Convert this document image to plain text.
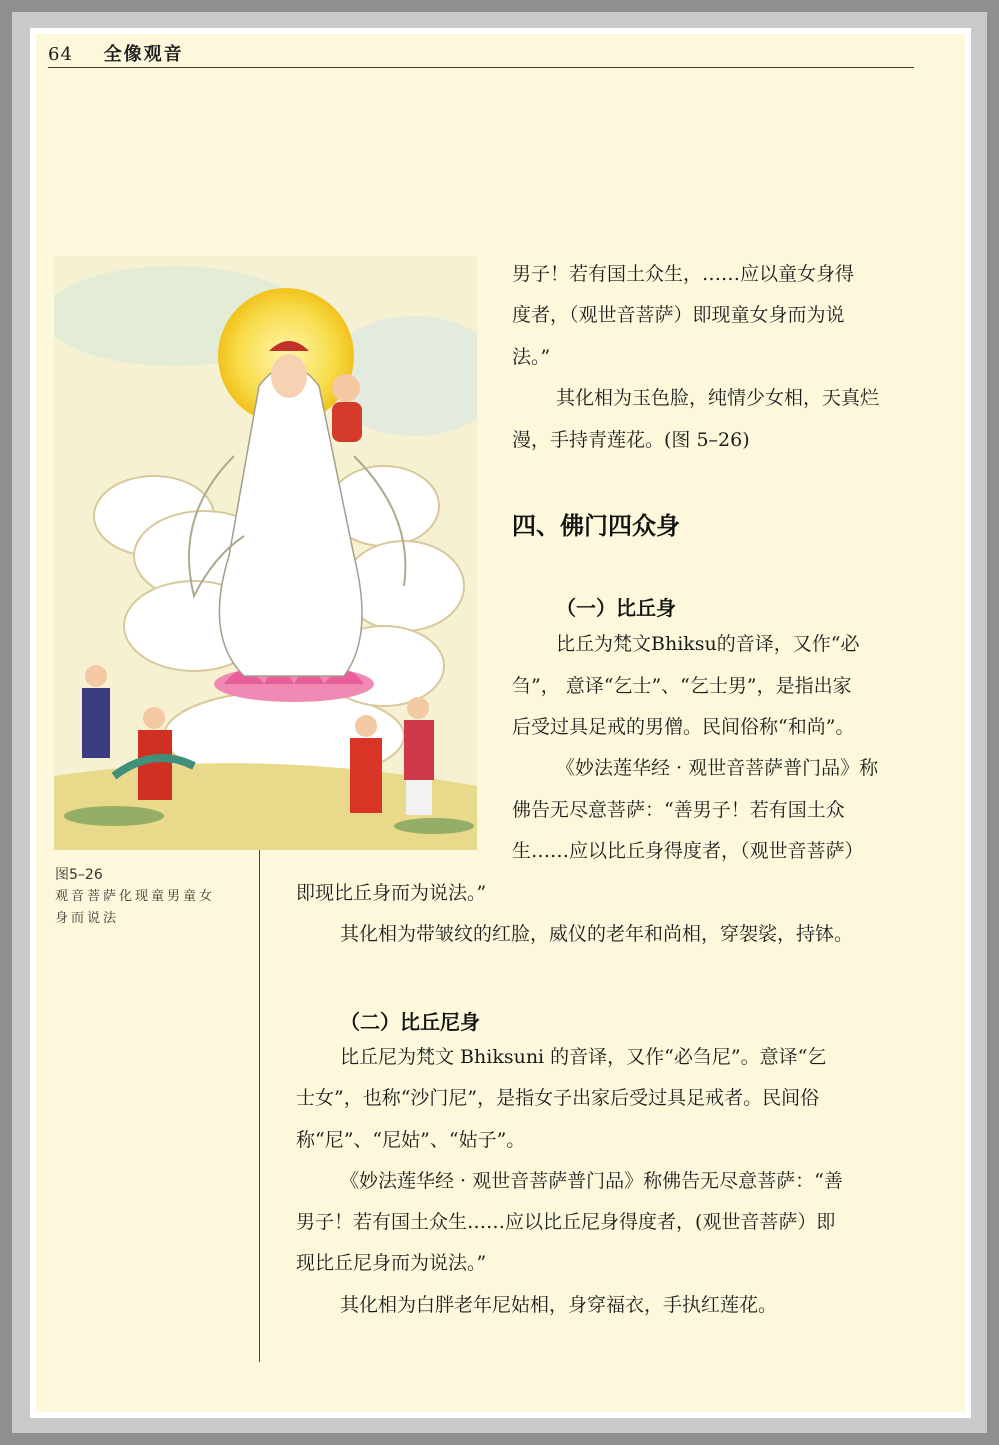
64 全像观音
图5–26
观音菩萨化现童男童女
身而说法
男子！若有国土众生，……应以童女身得
度者，（观世音菩萨）即现童女身而为说
法。”
其化相为玉色脸，纯情少女相，天真烂
漫，手持青莲花。(图 5–26)
四、佛门四众身
（一）比丘身
比丘为梵文Bhiksu的音译，又作“必
刍”， 意译“乞士”、“乞士男”，是指出家
后受过具足戒的男僧。民间俗称“和尚”。
《妙法莲华经 · 观世音菩萨普门品》称
佛告无尽意菩萨：“善男子！若有国土众
生……应以比丘身得度者，（观世音菩萨）
即现比丘身而为说法。”
其化相为带皱纹的红脸，威仪的老年和尚相，穿袈裟，持钵。
（二）比丘尼身
比丘尼为梵文 Bhiksuni 的音译，又作“必刍尼”。意译“乞
士女”，也称“沙门尼”，是指女子出家后受过具足戒者。民间俗
称“尼”、“尼姑”、“姑子”。
《妙法莲华经 · 观世音菩萨普门品》称佛告无尽意菩萨：“善
男子！若有国土众生……应以比丘尼身得度者，(观世音菩萨）即
现比丘尼身而为说法。”
其化相为白胖老年尼姑相，身穿福衣，手执红莲花。
